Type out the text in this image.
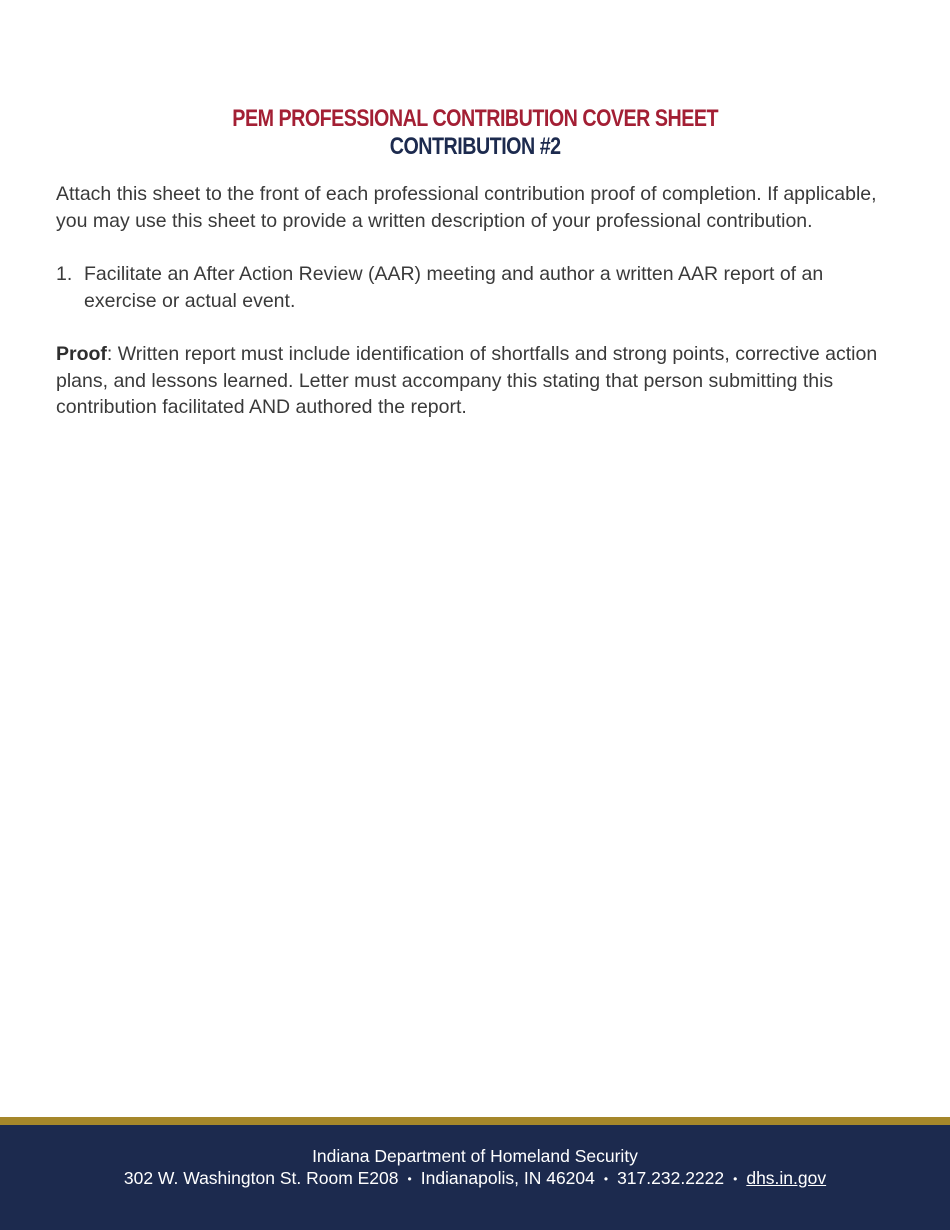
PEM PROFESSIONAL CONTRIBUTION COVER SHEET
CONTRIBUTION #2

Attach this sheet to the front of each professional contribution proof of completion. If applicable, you may use this sheet to provide a written description of your professional contribution.

1. Facilitate an After Action Review (AAR) meeting and author a written AAR report of an exercise or actual event.

Proof: Written report must include identification of shortfalls and strong points, corrective action plans, and lessons learned. Letter must accompany this stating that person submitting this contribution facilitated AND authored the report.

Indiana Department of Homeland Security
302 W. Washington St. Room E208 • Indianapolis, IN 46204 • 317.232.2222 • dhs.in.gov
